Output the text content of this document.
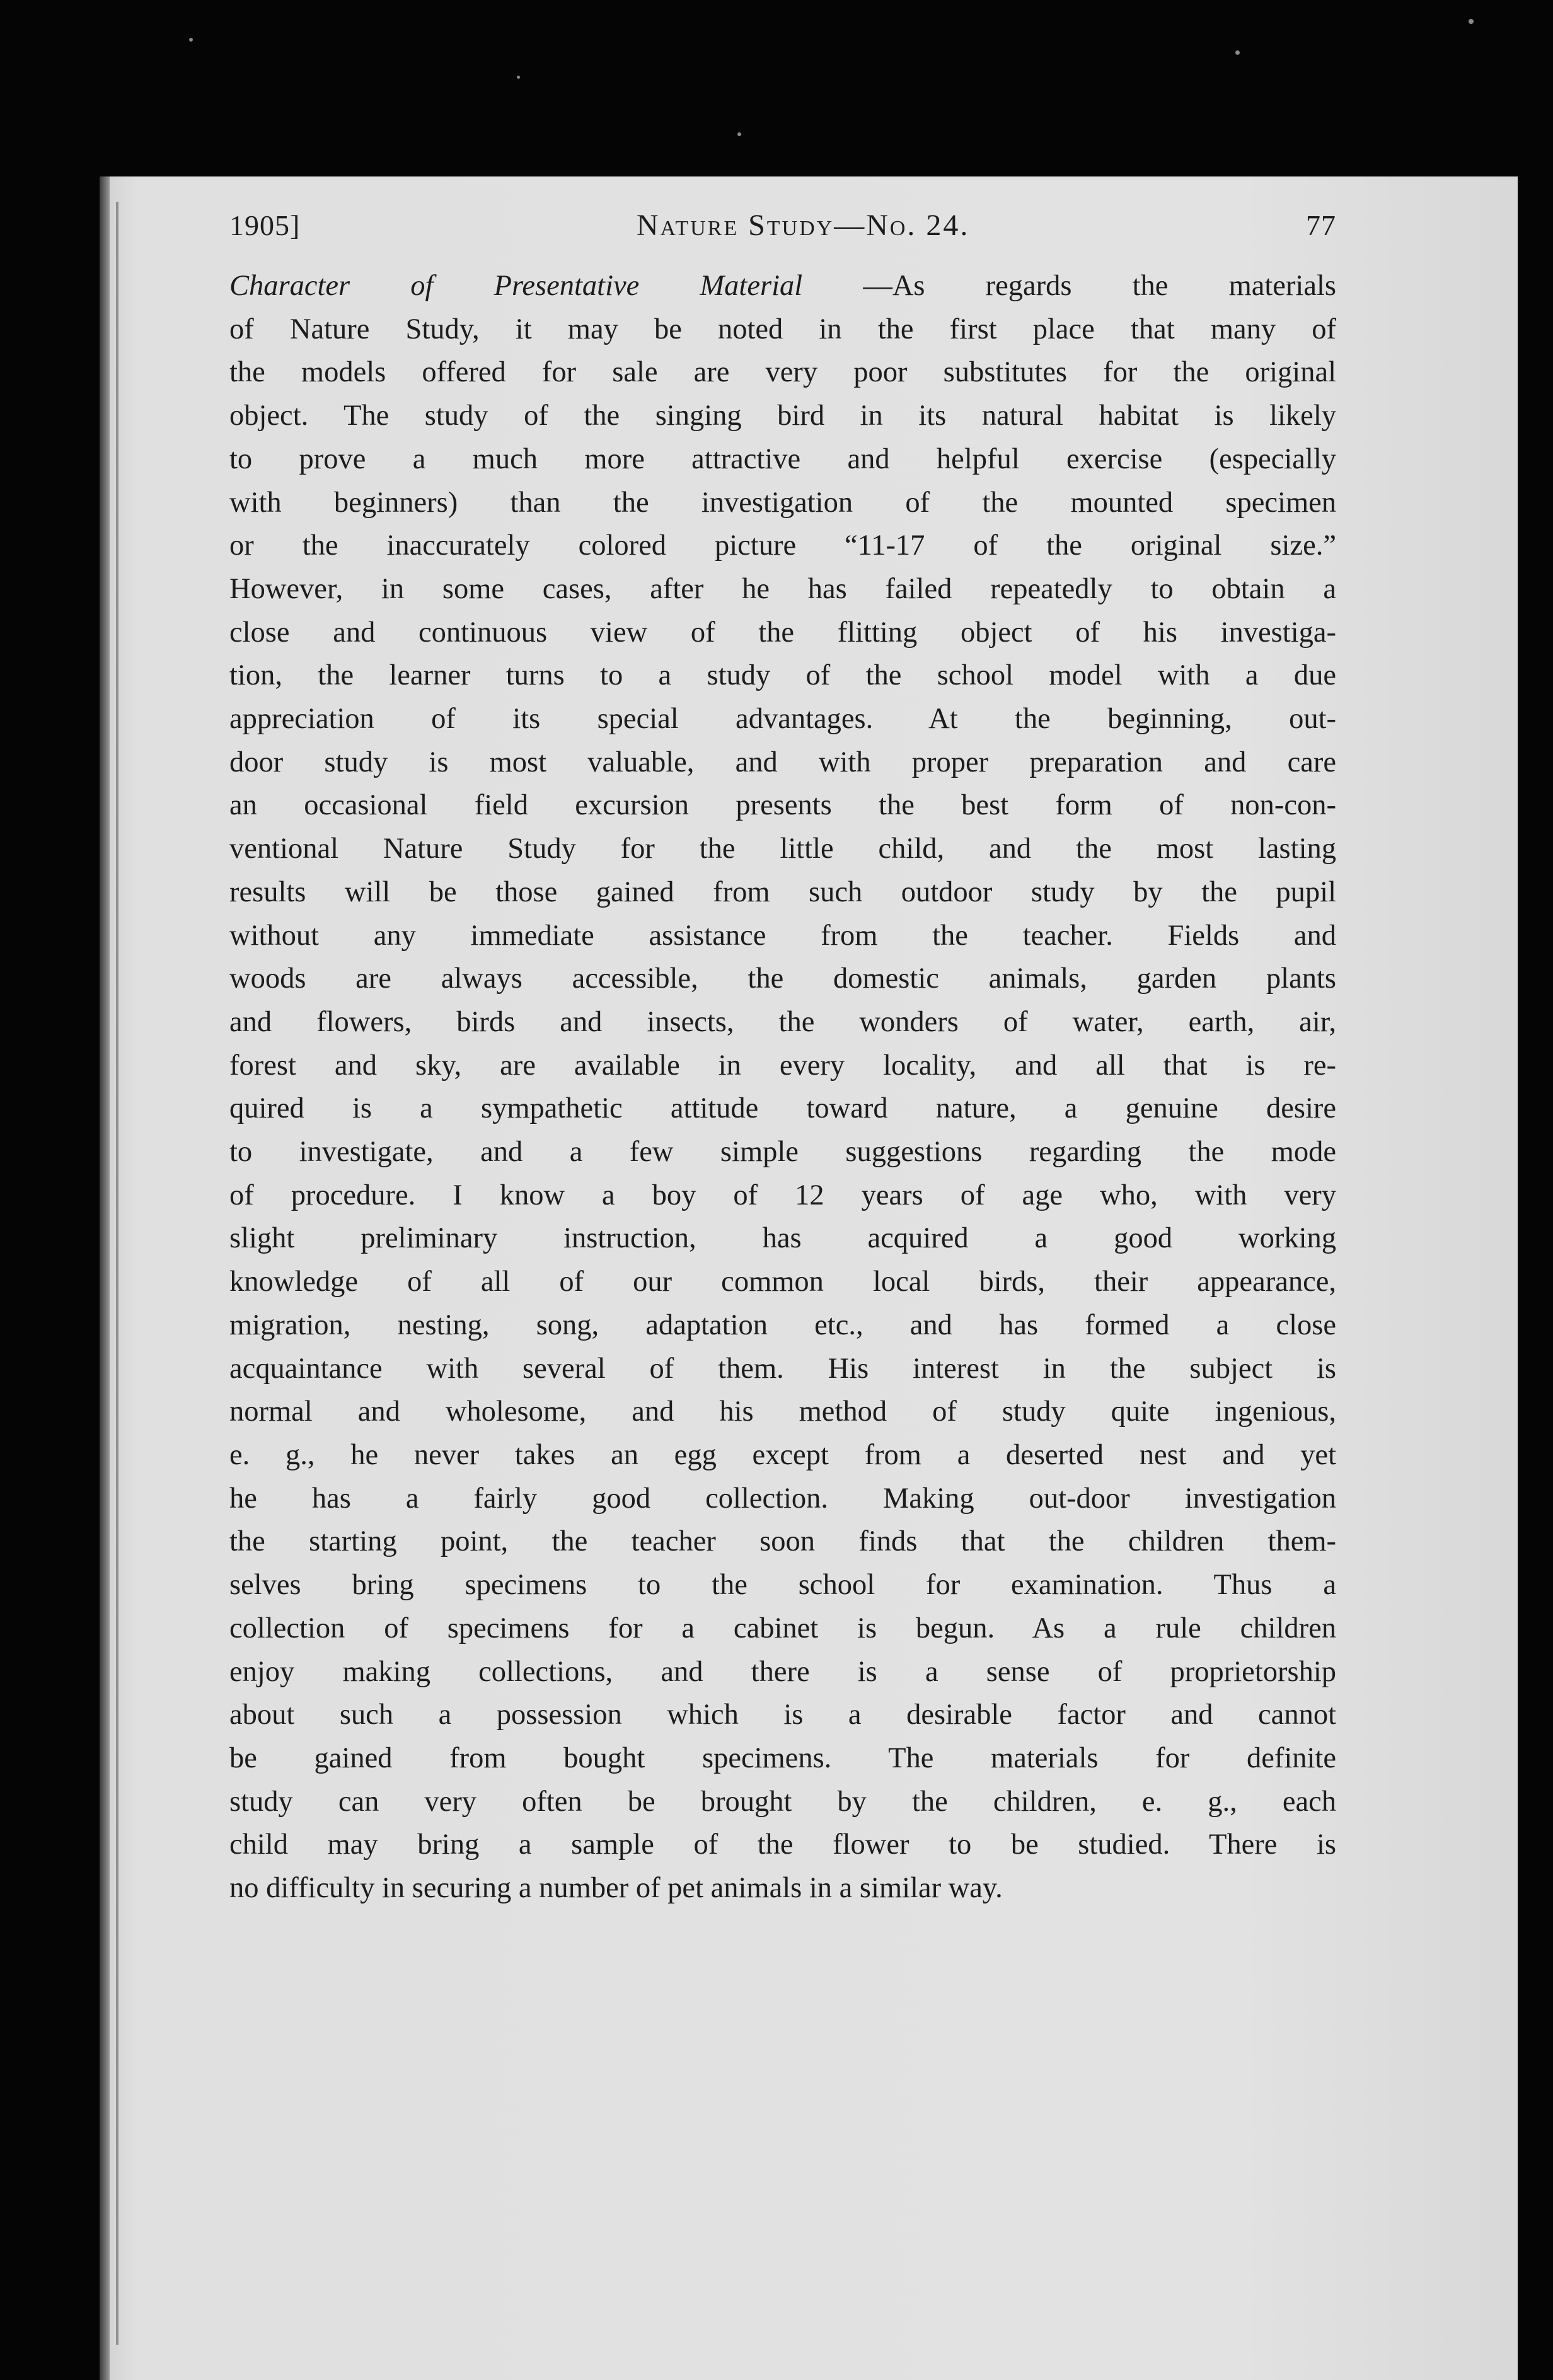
1905]	Nature Study—No. 24.	77
Character of Presentative Material —As regards the materials
of Nature Study, it may be noted in the first place that many of
the models offered for sale are very poor substitutes for the original
object. The study of the singing bird in its natural habitat is likely
to prove a much more attractive and helpful exercise (especially
with beginners) than the investigation of the mounted specimen
or the inaccurately colored picture “11-17 of the original size.”
However, in some cases, after he has failed repeatedly to obtain a
close and continuous view of the flitting object of his investiga-
tion, the learner turns to a study of the school model with a due
appreciation of its special advantages. At the beginning, out-
door study is most valuable, and with proper preparation and care
an occasional field excursion presents the best form of non-con-
ventional Nature Study for the little child, and the most lasting
results will be those gained from such outdoor study by the pupil
without any immediate assistance from the teacher. Fields and
woods are always accessible, the domestic animals, garden plants
and flowers, birds and insects, the wonders of water, earth, air,
forest and sky, are available in every locality, and all that is re-
quired is a sympathetic attitude toward nature, a genuine desire
to investigate, and a few simple suggestions regarding the mode
of procedure. I know a boy of 12 years of age who, with very
slight preliminary instruction, has acquired a good working
knowledge of all of our common local birds, their appearance,
migration, nesting, song, adaptation etc., and has formed a close
acquaintance with several of them. His interest in the subject is
normal and wholesome, and his method of study quite ingenious,
e. g., he never takes an egg except from a deserted nest and yet
he has a fairly good collection. Making out-door investigation
the starting point, the teacher soon finds that the children them-
selves bring specimens to the school for examination. Thus a
collection of specimens for a cabinet is begun. As a rule children
enjoy making collections, and there is a sense of proprietorship
about such a possession which is a desirable factor and cannot
be gained from bought specimens. The materials for definite
study can very often be brought by the children, e. g., each
child may bring a sample of the flower to be studied. There is
no difficulty in securing a number of pet animals in a similar way.
